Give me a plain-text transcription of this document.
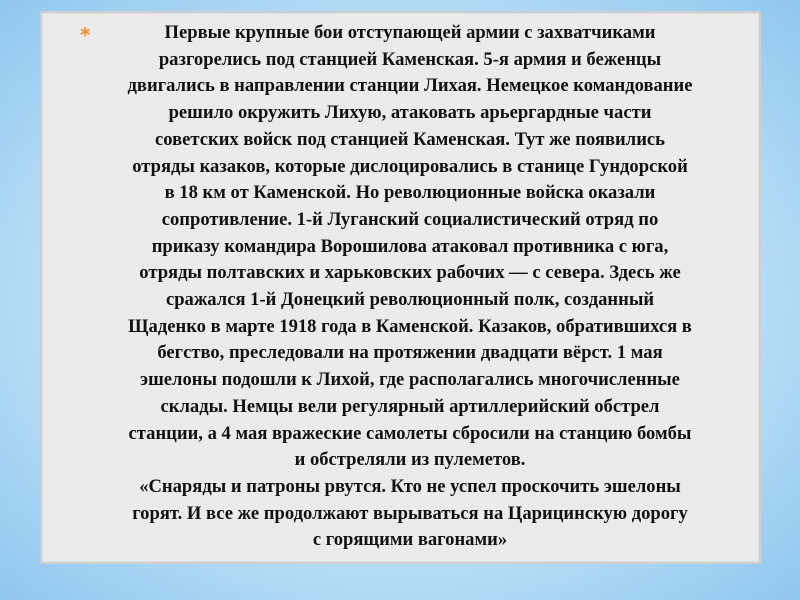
*	Первые крупные бои отступающей армии с захватчиками
разгорелись под станцией Каменская. 5-я армия и беженцы
двигались в направлении станции Лихая. Немецкое командование
решило окружить Лихую, атаковать арьергардные части
советских войск под станцией Каменская. Тут же появились
отряды казаков, которые дислоцировались в станице Гундорской
в 18 км от Каменской. Но революционные войска оказали
сопротивление. 1-й Луганский социалистический отряд по
приказу командира Ворошилова атаковал противника с юга,
отряды полтавских и харьковских рабочих — с севера. Здесь же
сражался 1-й Донецкий революционный полк, созданный
Щаденко в марте 1918 года в Каменской. Казаков, обратившихся в
бегство, преследовали на протяжении двадцати вёрст. 1 мая
эшелоны подошли к Лихой, где располагались многочисленные
склады. Немцы вели регулярный артиллерийский обстрел
станции, а 4 мая вражеские самолеты сбросили на станцию бомбы
и обстреляли из пулеметов.
«Снаряды и патроны рвутся. Кто не успел проскочить эшелоны
горят. И все же продолжают вырываться на Царицинскую дорогу
с горящими вагонами»
